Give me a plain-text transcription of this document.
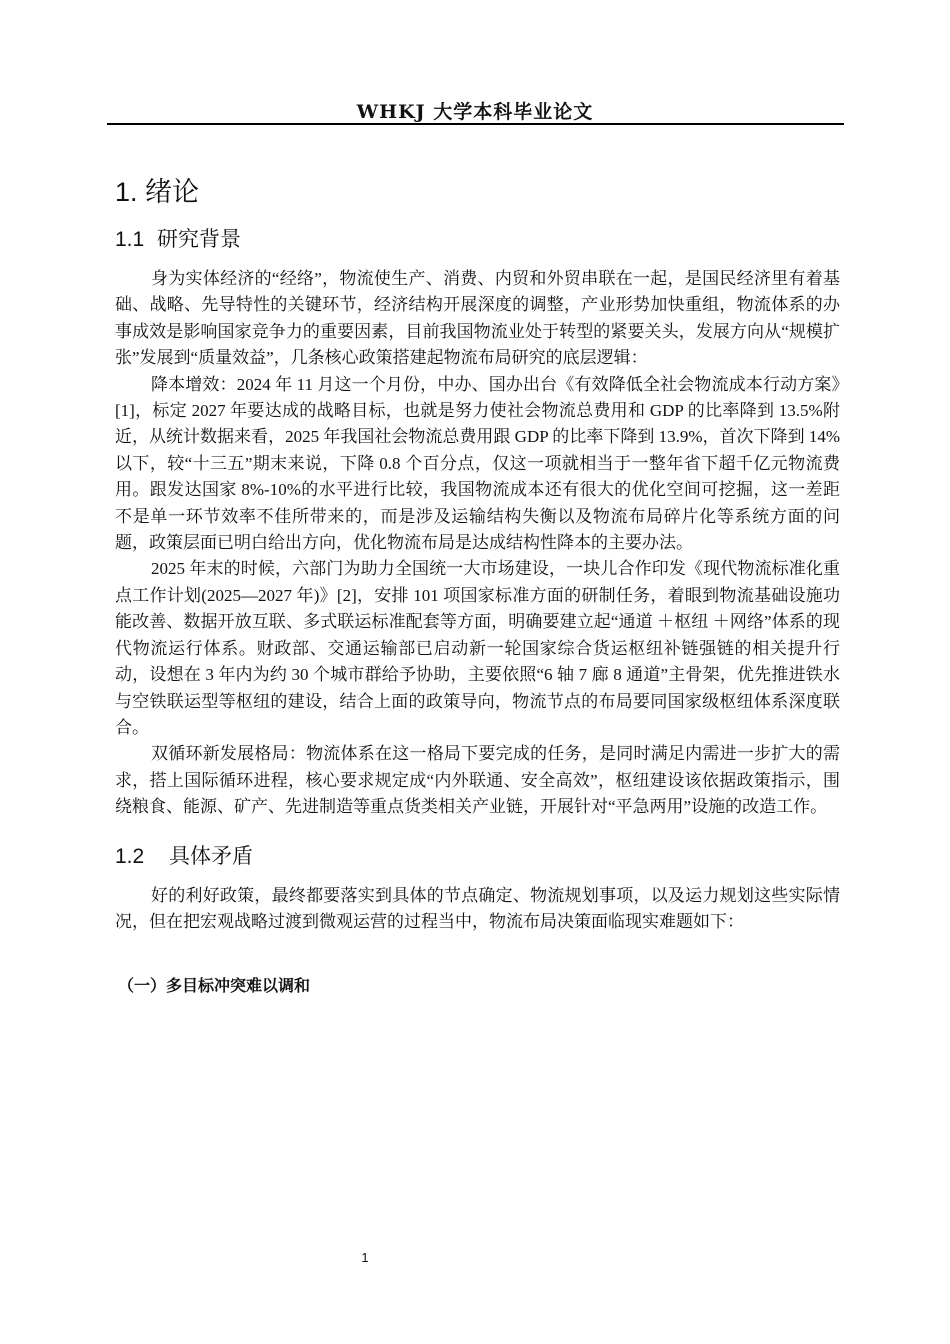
WHKJ 大学本科毕业论文
1. 绪论
1.1 研究背景

身为实体经济的“经络”，物流使生产、消费、内贸和外贸串联在一起，是国民经济里有着基础、战略、先导特性的关键环节，经济结构开展深度的调整，产业形势加快重组，物流体系的办事成效是影响国家竞争力的重要因素，目前我国物流业处于转型的紧要关头，发展方向从“规模扩张”发展到“质量效益”，几条核心政策搭建起物流布局研究的底层逻辑：

降本增效：2024 年 11 月这一个月份，中办、国办出台《有效降低全社会物流成本行动方案》[1]，标定 2027 年要达成的战略目标，也就是努力使社会物流总费用和 GDP 的比率降到 13.5%附近，从统计数据来看，2025 年我国社会物流总费用跟 GDP 的比率下降到 13.9%，首次下降到 14%以下，较“十三五”期末来说，下降 0.8 个百分点，仅这一项就相当于一整年省下超千亿元物流费用。跟发达国家 8%-10%的水平进行比较，我国物流成本还有很大的优化空间可挖掘，这一差距不是单一环节效率不佳所带来的，而是涉及运输结构失衡以及物流布局碎片化等系统方面的问题，政策层面已明白给出方向，优化物流布局是达成结构性降本的主要办法。

2025 年末的时候，六部门为助力全国统一大市场建设，一块儿合作印发《现代物流标准化重点工作计划(2025—2027 年)》[2]，安排 101 项国家标准方面的研制任务，着眼到物流基础设施功能改善、数据开放互联、多式联运标准配套等方面，明确要建立起“通道 ＋枢纽 ＋网络”体系的现代物流运行体系。财政部、交通运输部已启动新一轮国家综合货运枢纽补链强链的相关提升行动，设想在 3 年内为约 30 个城市群给予协助，主要依照“6 轴 7 廊 8 通道”主骨架，优先推进铁水与空铁联运型等枢纽的建设，结合上面的政策导向，物流节点的布局要同国家级枢纽体系深度联合。

双循环新发展格局：物流体系在这一格局下要完成的任务，是同时满足内需进一步扩大的需求，搭上国际循环进程，核心要求规定成“内外联通、安全高效”，枢纽建设该依据政策指示，围绕粮食、能源、矿产、先进制造等重点货类相关产业链，开展针对“平急两用”设施的改造工作。

1.2 具体矛盾

好的利好政策，最终都要落实到具体的节点确定、物流规划事项，以及运力规划这些实际情况，但在把宏观战略过渡到微观运营的过程当中，物流布局决策面临现实难题如下：

（一）多目标冲突难以调和
1
